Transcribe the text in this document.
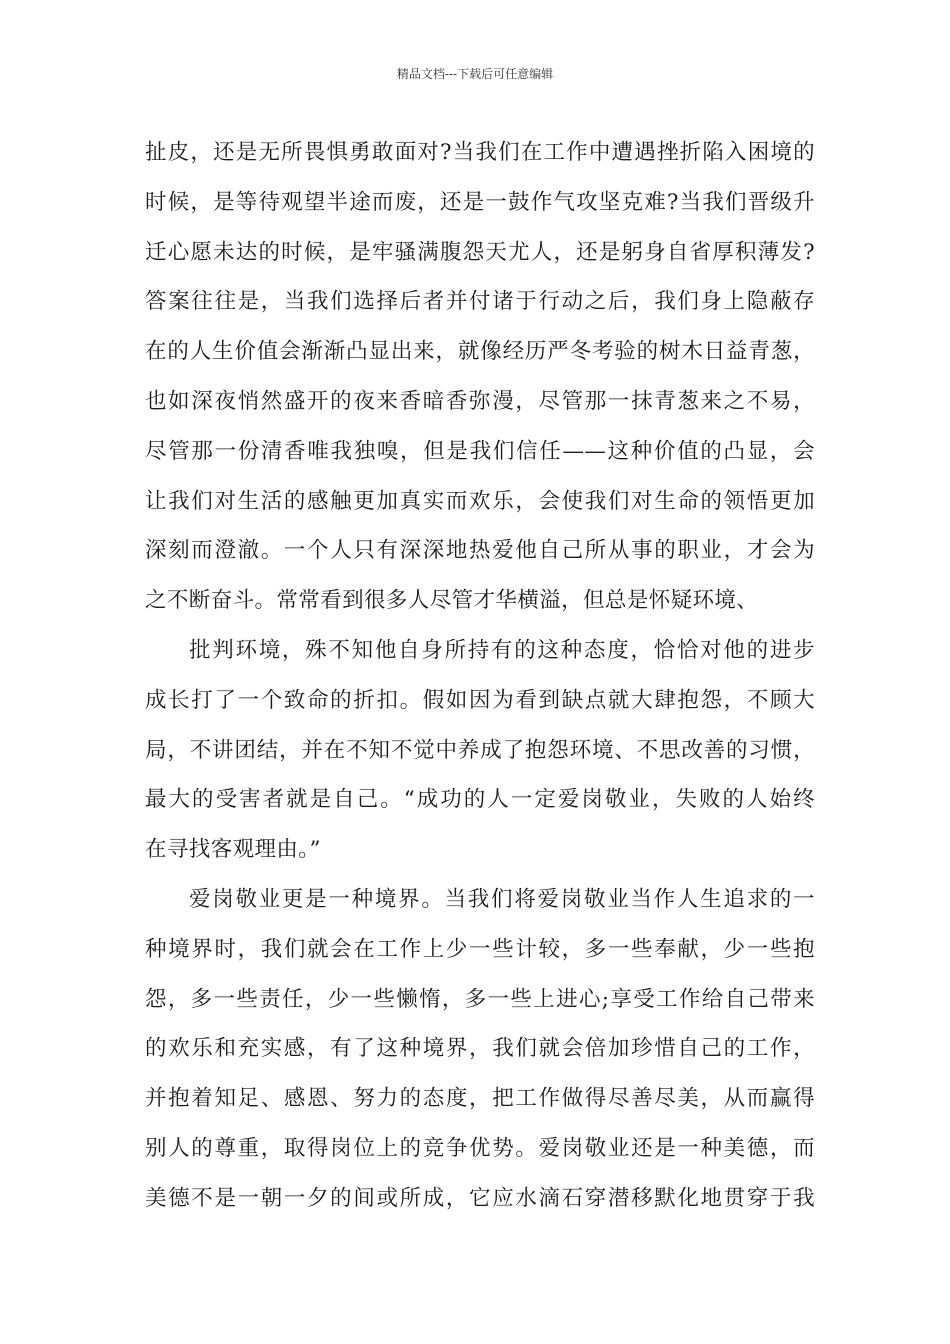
精品文档---下载后可任意编辑
扯皮，还是无所畏惧勇敢面对?当我们在工作中遭遇挫折陷入困境的
时候，是等待观望半途而废，还是一鼓作气攻坚克难?当我们晋级升
迁心愿未达的时候，是牢骚满腹怨天尤人，还是躬身自省厚积薄发?
答案往往是，当我们选择后者并付诸于行动之后，我们身上隐蔽存
在的人生价值会渐渐凸显出来，就像经历严冬考验的树木日益青葱，
也如深夜悄然盛开的夜来香暗香弥漫，尽管那一抹青葱来之不易，
尽管那一份清香唯我独嗅，但是我们信任——这种价值的凸显，会
让我们对生活的感触更加真实而欢乐，会使我们对生命的领悟更加
深刻而澄澈。一个人只有深深地热爱他自己所从事的职业，才会为
之不断奋斗。常常看到很多人尽管才华横溢，但总是怀疑环境、
批判环境，殊不知他自身所持有的这种态度，恰恰对他的进步
成长打了一个致命的折扣。假如因为看到缺点就大肆抱怨，不顾大
局，不讲团结，并在不知不觉中养成了抱怨环境、不思改善的习惯，
最大的受害者就是自己。“成功的人一定爱岗敬业，失败的人始终
在寻找客观理由。”
爱岗敬业更是一种境界。当我们将爱岗敬业当作人生追求的一
种境界时，我们就会在工作上少一些计较，多一些奉献，少一些抱
怨，多一些责任，少一些懒惰，多一些上进心;享受工作给自己带来
的欢乐和充实感，有了这种境界，我们就会倍加珍惜自己的工作，
并抱着知足、感恩、努力的态度，把工作做得尽善尽美，从而赢得
别人的尊重，取得岗位上的竞争优势。爱岗敬业还是一种美德，而
美德不是一朝一夕的间或所成，它应水滴石穿潜移默化地贯穿于我
